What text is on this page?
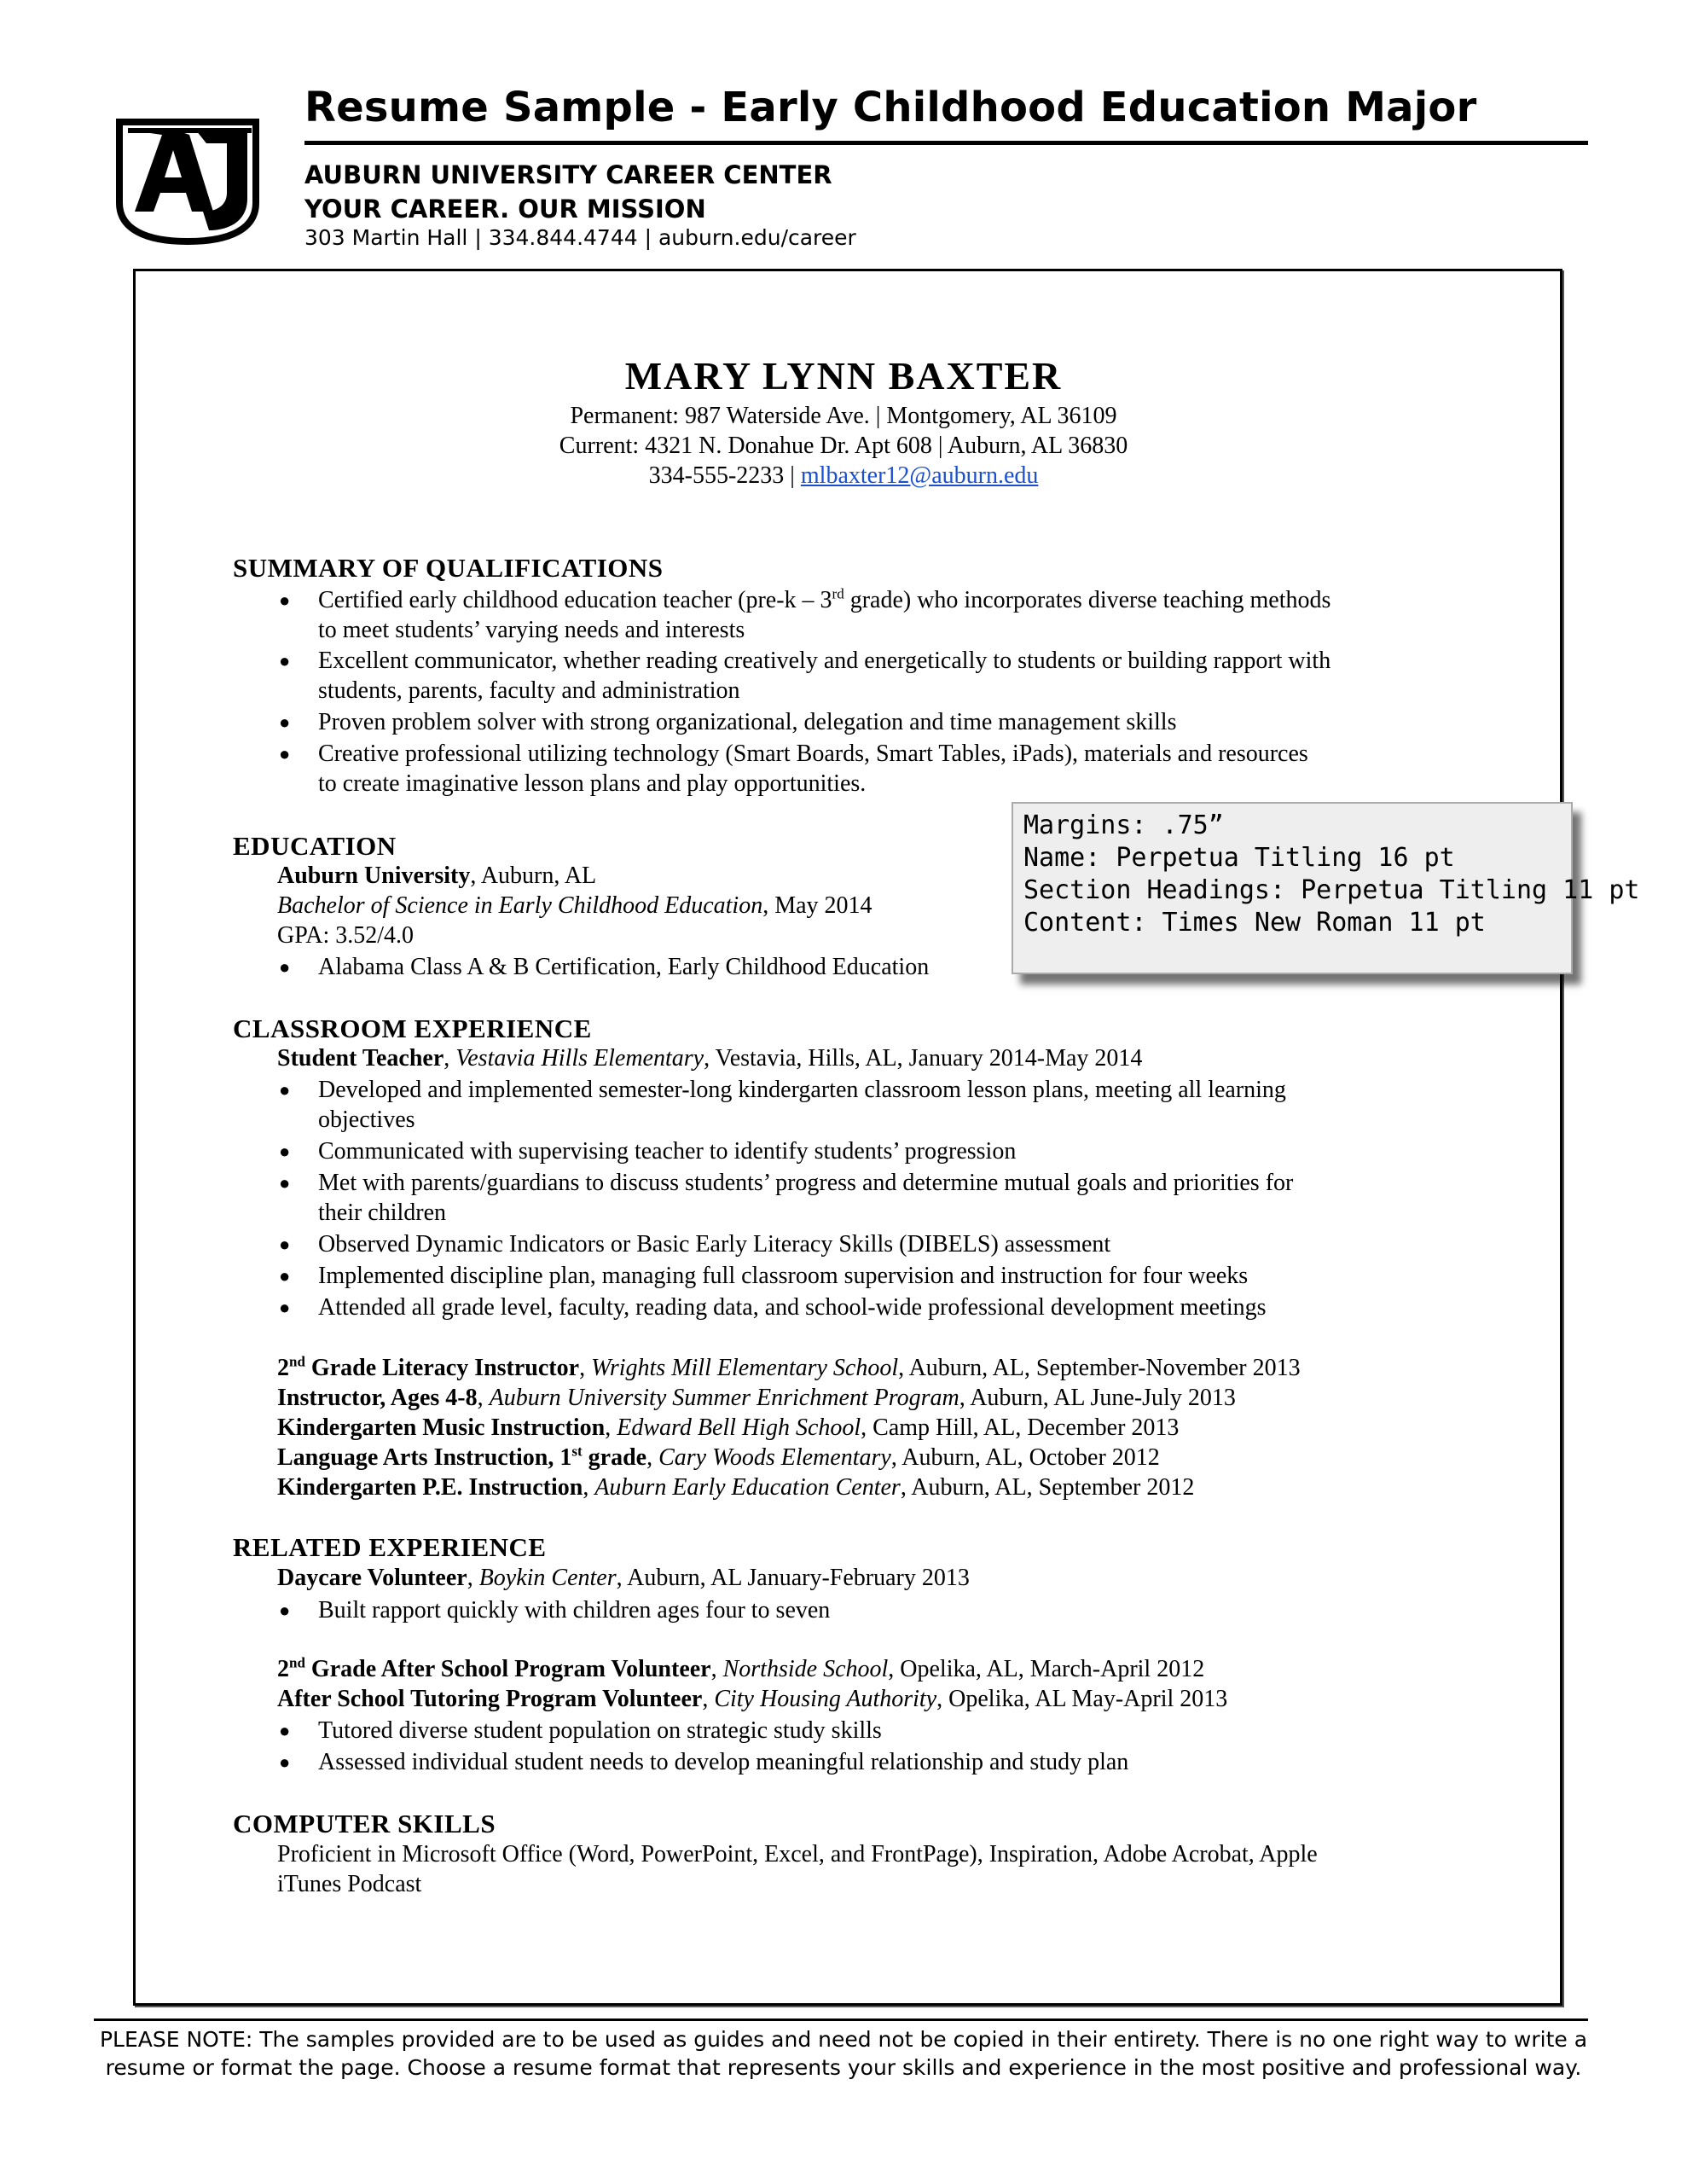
Resume Sample - Early Childhood Education Major
AUBURN UNIVERSITY CAREER CENTER
YOUR CAREER. OUR MISSION
303 Martin Hall | 334.844.4744 | auburn.edu/career
MARY LYNN BAXTER
Permanent: 987 Waterside Ave. | Montgomery, AL 36109
Current: 4321 N. Donahue Dr. Apt 608 | Auburn, AL 36830
334-555-2233 | mlbaxter12@auburn.edu
SUMMARY OF QUALIFICATIONS
● Certified early childhood education teacher (pre-k – 3rd grade) who incorporates diverse teaching methods
to meet students’ varying needs and interests
● Excellent communicator, whether reading creatively and energetically to students or building rapport with
students, parents, faculty and administration
● Proven problem solver with strong organizational, delegation and time management skills
● Creative professional utilizing technology (Smart Boards, Smart Tables, iPads), materials and resources
to create imaginative lesson plans and play opportunities.
EDUCATION
Auburn University, Auburn, AL
Bachelor of Science in Early Childhood Education, May 2014
GPA: 3.52/4.0
● Alabama Class A & B Certification, Early Childhood Education
CLASSROOM EXPERIENCE
Student Teacher, Vestavia Hills Elementary, Vestavia, Hills, AL, January 2014-May 2014
● Developed and implemented semester-long kindergarten classroom lesson plans, meeting all learning
objectives
● Communicated with supervising teacher to identify students’ progression
● Met with parents/guardians to discuss students’ progress and determine mutual goals and priorities for
their children
● Observed Dynamic Indicators or Basic Early Literacy Skills (DIBELS) assessment
● Implemented discipline plan, managing full classroom supervision and instruction for four weeks
● Attended all grade level, faculty, reading data, and school-wide professional development meetings
2nd Grade Literacy Instructor, Wrights Mill Elementary School, Auburn, AL, September-November 2013
Instructor, Ages 4-8, Auburn University Summer Enrichment Program, Auburn, AL June-July 2013
Kindergarten Music Instruction, Edward Bell High School, Camp Hill, AL, December 2013
Language Arts Instruction, 1st grade, Cary Woods Elementary, Auburn, AL, October 2012
Kindergarten P.E. Instruction, Auburn Early Education Center, Auburn, AL, September 2012
RELATED EXPERIENCE
Daycare Volunteer, Boykin Center, Auburn, AL January-February 2013
● Built rapport quickly with children ages four to seven
2nd Grade After School Program Volunteer, Northside School, Opelika, AL, March-April 2012
After School Tutoring Program Volunteer, City Housing Authority, Opelika, AL May-April 2013
● Tutored diverse student population on strategic study skills
● Assessed individual student needs to develop meaningful relationship and study plan
COMPUTER SKILLS
Proficient in Microsoft Office (Word, PowerPoint, Excel, and FrontPage), Inspiration, Adobe Acrobat, Apple
iTunes Podcast
Margins: .75”
Name: Perpetua Titling 16 pt
Section Headings: Perpetua Titling 11 pt
Content: Times New Roman 11 pt
PLEASE NOTE: The samples provided are to be used as guides and need not be copied in their entirety. There is no one right way to write a
resume or format the page. Choose a resume format that represents your skills and experience in the most positive and professional way.
